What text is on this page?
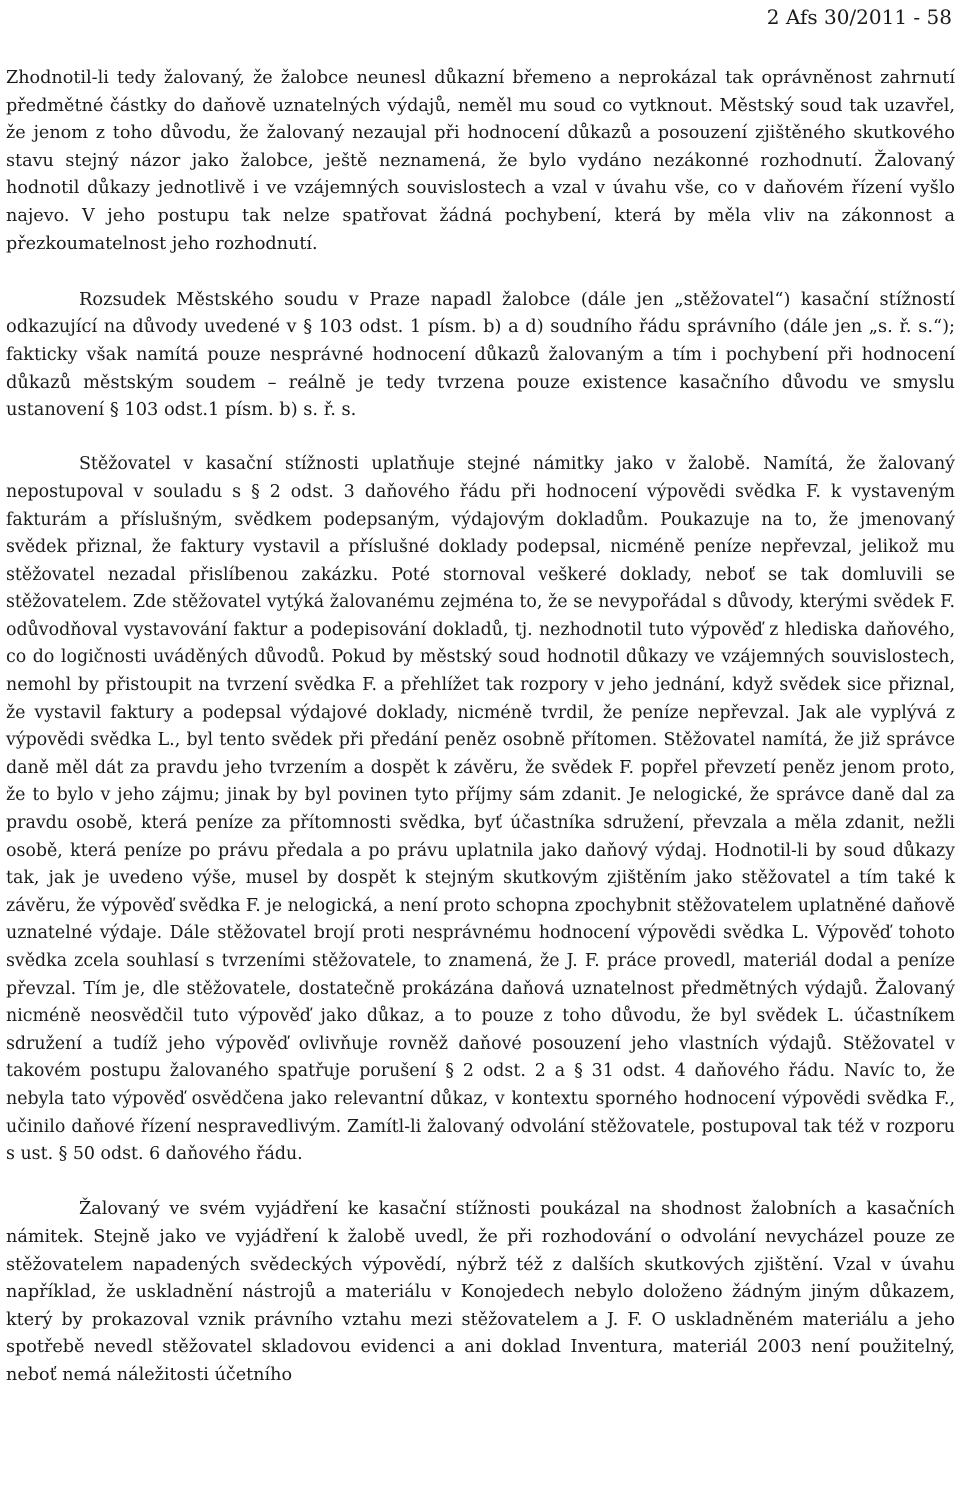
2 Afs 30/2011 - 58

Zhodnotil-li tedy žalovaný, že žalobce neunesl důkazní břemeno a neprokázal tak oprávněnost zahrnutí předmětné částky do daňově uznatelných výdajů, neměl mu soud co vytknout. Městský soud tak uzavřel, že jenom z toho důvodu, že žalovaný nezaujal při hodnocení důkazů a posouzení zjištěného skutkového stavu stejný názor jako žalobce, ještě neznamená, že bylo vydáno nezákonné rozhodnutí. Žalovaný hodnotil důkazy jednotlivě i ve vzájemných souvislostech a vzal v úvahu vše, co v daňovém řízení vyšlo najevo. V jeho postupu tak nelze spatřovat žádná pochybení, která by měla vliv na zákonnost a přezkoumatelnost jeho rozhodnutí.

Rozsudek Městského soudu v Praze napadl žalobce (dále jen „stěžovatel“) kasační stížností odkazující na důvody uvedené v § 103 odst. 1 písm. b) a d) soudního řádu správního (dále jen „s. ř. s.“); fakticky však namítá pouze nesprávné hodnocení důkazů žalovaným a tím i pochybení při hodnocení důkazů městským soudem – reálně je tedy tvrzena pouze existence kasačního důvodu ve smyslu ustanovení § 103 odst.1 písm. b) s. ř. s.

Stěžovatel v kasační stížnosti uplatňuje stejné námitky jako v žalobě. Namítá, že žalovaný nepostupoval v souladu s § 2 odst. 3 daňového řádu při hodnocení výpovědi svědka F. k vystaveným fakturám a příslušným, svědkem podepsaným, výdajovým dokladům. Poukazuje na to, že jmenovaný svědek přiznal, že faktury vystavil a příslušné doklady podepsal, nicméně peníze nepřevzal, jelikož mu stěžovatel nezadal přislíbenou zakázku. Poté stornoval veškeré doklady, neboť se tak domluvili se stěžovatelem. Zde stěžovatel vytýká žalovanému zejména to, že se nevypořádal s důvody, kterými svědek F. odůvodňoval vystavování faktur a podepisování dokladů, tj. nezhodnotil tuto výpověď z hlediska daňového, co do logičnosti uváděných důvodů. Pokud by městský soud hodnotil důkazy ve vzájemných souvislostech, nemohl by přistoupit na tvrzení svědka F. a přehlížet tak rozpory v jeho jednání, když svědek sice přiznal, že vystavil faktury a podepsal výdajové doklady, nicméně tvrdil, že peníze nepřevzal. Jak ale vyplývá z výpovědi svědka L., byl tento svědek při předání peněz osobně přítomen. Stěžovatel namítá, že již správce daně měl dát za pravdu jeho tvrzením a dospět k závěru, že svědek F. popřel převzetí peněz jenom proto, že to bylo v jeho zájmu; jinak by byl povinen tyto příjmy sám zdanit. Je nelogické, že správce daně dal za pravdu osobě, která peníze za přítomnosti svědka, byť účastníka sdružení, převzala a měla zdanit, nežli osobě, která peníze po právu předala a po právu uplatnila jako daňový výdaj. Hodnotil-li by soud důkazy tak, jak je uvedeno výše, musel by dospět k stejným skutkovým zjištěním jako stěžovatel a tím také k závěru, že výpověď svědka F. je nelogická, a není proto schopna zpochybnit stěžovatelem uplatněné daňově uznatelné výdaje. Dále stěžovatel brojí proti nesprávnému hodnocení výpovědi svědka L. Výpověď tohoto svědka zcela souhlasí s tvrzeními stěžovatele, to znamená, že J. F. práce provedl, materiál dodal a peníze převzal. Tím je, dle stěžovatele, dostatečně prokázána daňová uznatelnost předmětných výdajů. Žalovaný nicméně neosvědčil tuto výpověď jako důkaz, a to pouze z toho důvodu, že byl svědek L. účastníkem sdružení a tudíž jeho výpověď ovlivňuje rovněž daňové posouzení jeho vlastních výdajů. Stěžovatel v takovém postupu žalovaného spatřuje porušení § 2 odst. 2 a § 31 odst. 4 daňového řádu. Navíc to, že nebyla tato výpověď osvědčena jako relevantní důkaz, v kontextu sporného hodnocení výpovědi svědka F., učinilo daňové řízení nespravedlivým. Zamítl-li žalovaný odvolání stěžovatele, postupoval tak též v rozporu s ust. § 50 odst. 6 daňového řádu.

Žalovaný ve svém vyjádření ke kasační stížnosti poukázal na shodnost žalobních a kasačních námitek. Stejně jako ve vyjádření k žalobě uvedl, že při rozhodování o odvolání nevycházel pouze ze stěžovatelem napadených svědeckých výpovědí, nýbrž též z dalších skutkových zjištění. Vzal v úvahu například, že uskladnění nástrojů a materiálu v Konojedech nebylo doloženo žádným jiným důkazem, který by prokazoval vznik právního vztahu mezi stěžovatelem a J. F. O uskladněném materiálu a jeho spotřebě nevedl stěžovatel skladovou evidenci a ani doklad Inventura, materiál 2003 není použitelný, neboť nemá náležitosti účetního
